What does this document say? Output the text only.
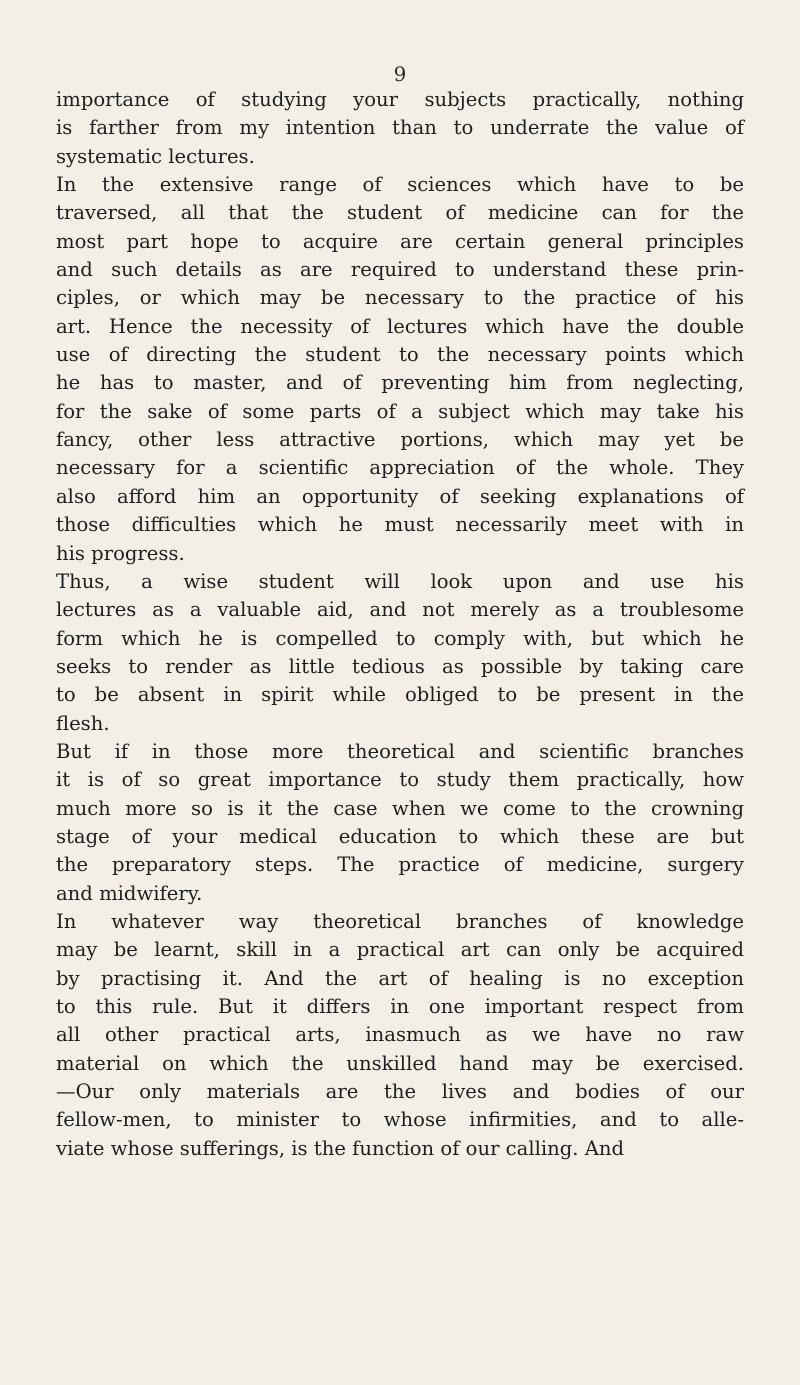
9
importance of studying your subjects practically, nothing
is farther from my intention than to underrate the value of
systematic lectures.
In the extensive range of sciences which have to be
traversed, all that the student of medicine can for the
most part hope to acquire are certain general principles
and such details as are required to understand these prin-
ciples, or which may be necessary to the practice of his
art. Hence the necessity of lectures which have the double
use of directing the student to the necessary points which
he has to master, and of preventing him from neglecting,
for the sake of some parts of a subject which may take his
fancy, other less attractive portions, which may yet be
necessary for a scientific appreciation of the whole. They
also afford him an opportunity of seeking explanations of
those difficulties which he must necessarily meet with in
his progress.
Thus, a wise student will look upon and use his
lectures as a valuable aid, and not merely as a troublesome
form which he is compelled to comply with, but which he
seeks to render as little tedious as possible by taking care
to be absent in spirit while obliged to be present in the
flesh.
But if in those more theoretical and scientific branches
it is of so great importance to study them practically, how
much more so is it the case when we come to the crowning
stage of your medical education to which these are but
the preparatory steps. The practice of medicine, surgery
and midwifery.
In whatever way theoretical branches of knowledge
may be learnt, skill in a practical art can only be acquired
by practising it. And the art of healing is no exception
to this rule. But it differs in one important respect from
all other practical arts, inasmuch as we have no raw
material on which the unskilled hand may be exercised.
—Our only materials are the lives and bodies of our
fellow-men, to minister to whose infirmities, and to alle-
viate whose sufferings, is the function of our calling. And
